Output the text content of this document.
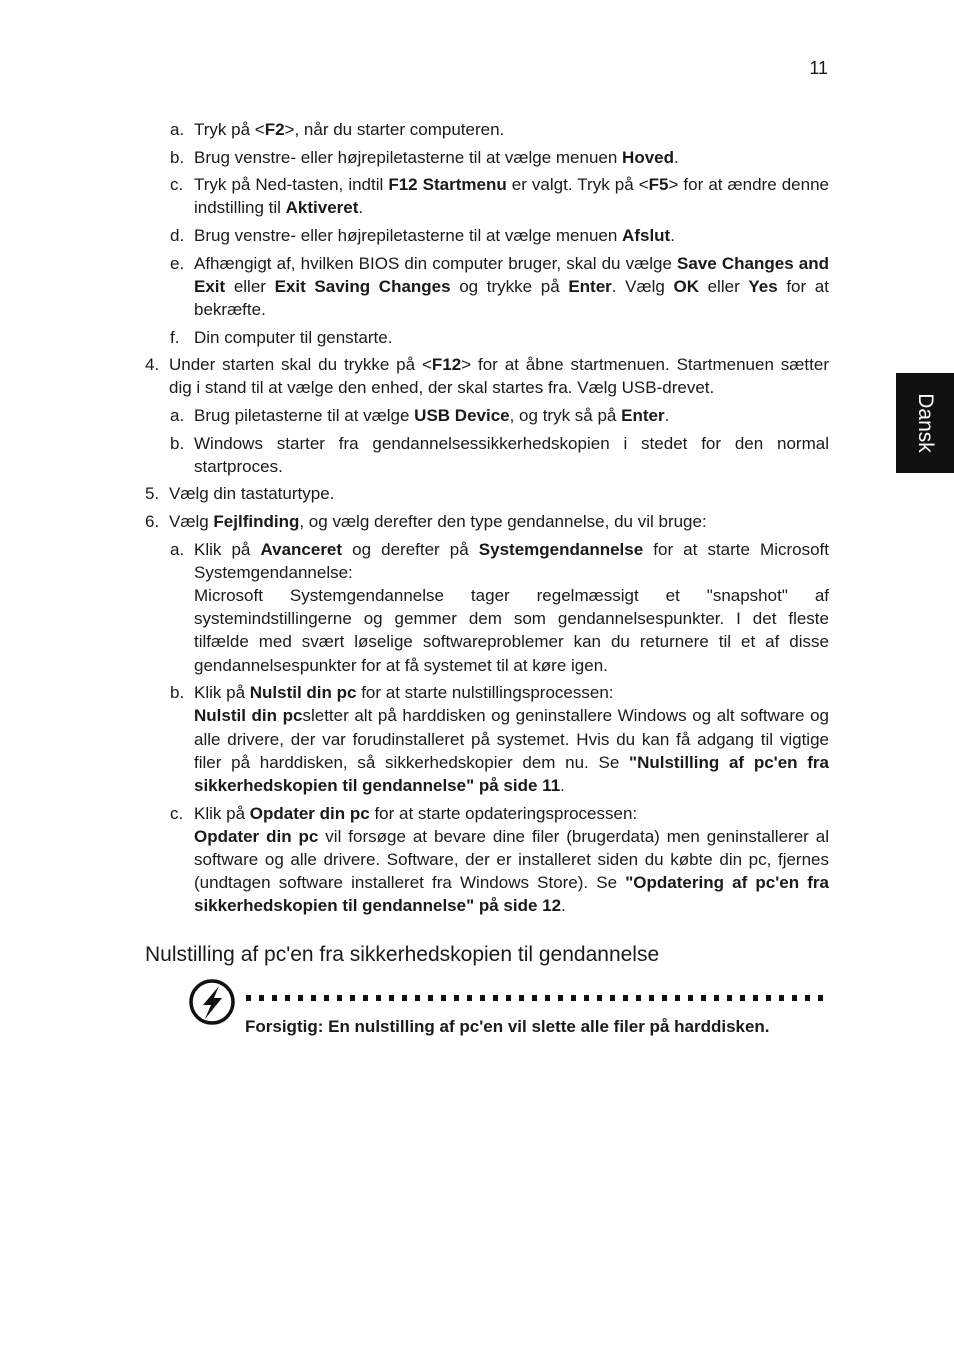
11
Dansk
a. Tryk på <F2>, når du starter computeren.
b. Brug venstre- eller højrepiletasterne til at vælge menuen Hoved.
c. Tryk på Ned-tasten, indtil F12 Startmenu er valgt. Tryk på <F5> for at ændre denne indstilling til Aktiveret.
d. Brug venstre- eller højrepiletasterne til at vælge menuen Afslut.
e. Afhængigt af, hvilken BIOS din computer bruger, skal du vælge Save Changes and Exit eller Exit Saving Changes og trykke på Enter. Vælg OK eller Yes for at bekræfte.
f. Din computer til genstarte.
4. Under starten skal du trykke på <F12> for at åbne startmenuen. Startmenuen sætter dig i stand til at vælge den enhed, der skal startes fra. Vælg USB-drevet.
a. Brug piletasterne til at vælge USB Device, og tryk så på Enter.
b. Windows starter fra gendannelsessikkerhedskopien i stedet for den normal startproces.
5. Vælg din tastaturtype.
6. Vælg Fejlfinding, og vælg derefter den type gendannelse, du vil bruge:
a. Klik på Avanceret og derefter på Systemgendannelse for at starte Microsoft Systemgendannelse:
Microsoft Systemgendannelse tager regelmæssigt et "snapshot" af systemindstillingerne og gemmer dem som gendannelsespunkter. I det fleste tilfælde med svært løselige softwareproblemer kan du returnere til et af disse gendannelsespunkter for at få systemet til at køre igen.
b. Klik på Nulstil din pc for at starte nulstillingsprocessen:
Nulstil din pcsletter alt på harddisken og geninstallere Windows og alt software og alle drivere, der var forudinstalleret på systemet. Hvis du kan få adgang til vigtige filer på harddisken, så sikkerhedskopier dem nu. Se "Nulstilling af pc'en fra sikkerhedskopien til gendannelse" på side 11.
c. Klik på Opdater din pc for at starte opdateringsprocessen:
Opdater din pc vil forsøge at bevare dine filer (brugerdata) men geninstallerer al software og alle drivere. Software, der er installeret siden du købte din pc, fjernes (undtagen software installeret fra Windows Store). Se "Opdatering af pc'en fra sikkerhedskopien til gendannelse" på side 12.
Nulstilling af pc'en fra sikkerhedskopien til gendannelse
Forsigtig: En nulstilling af pc'en vil slette alle filer på harddisken.
